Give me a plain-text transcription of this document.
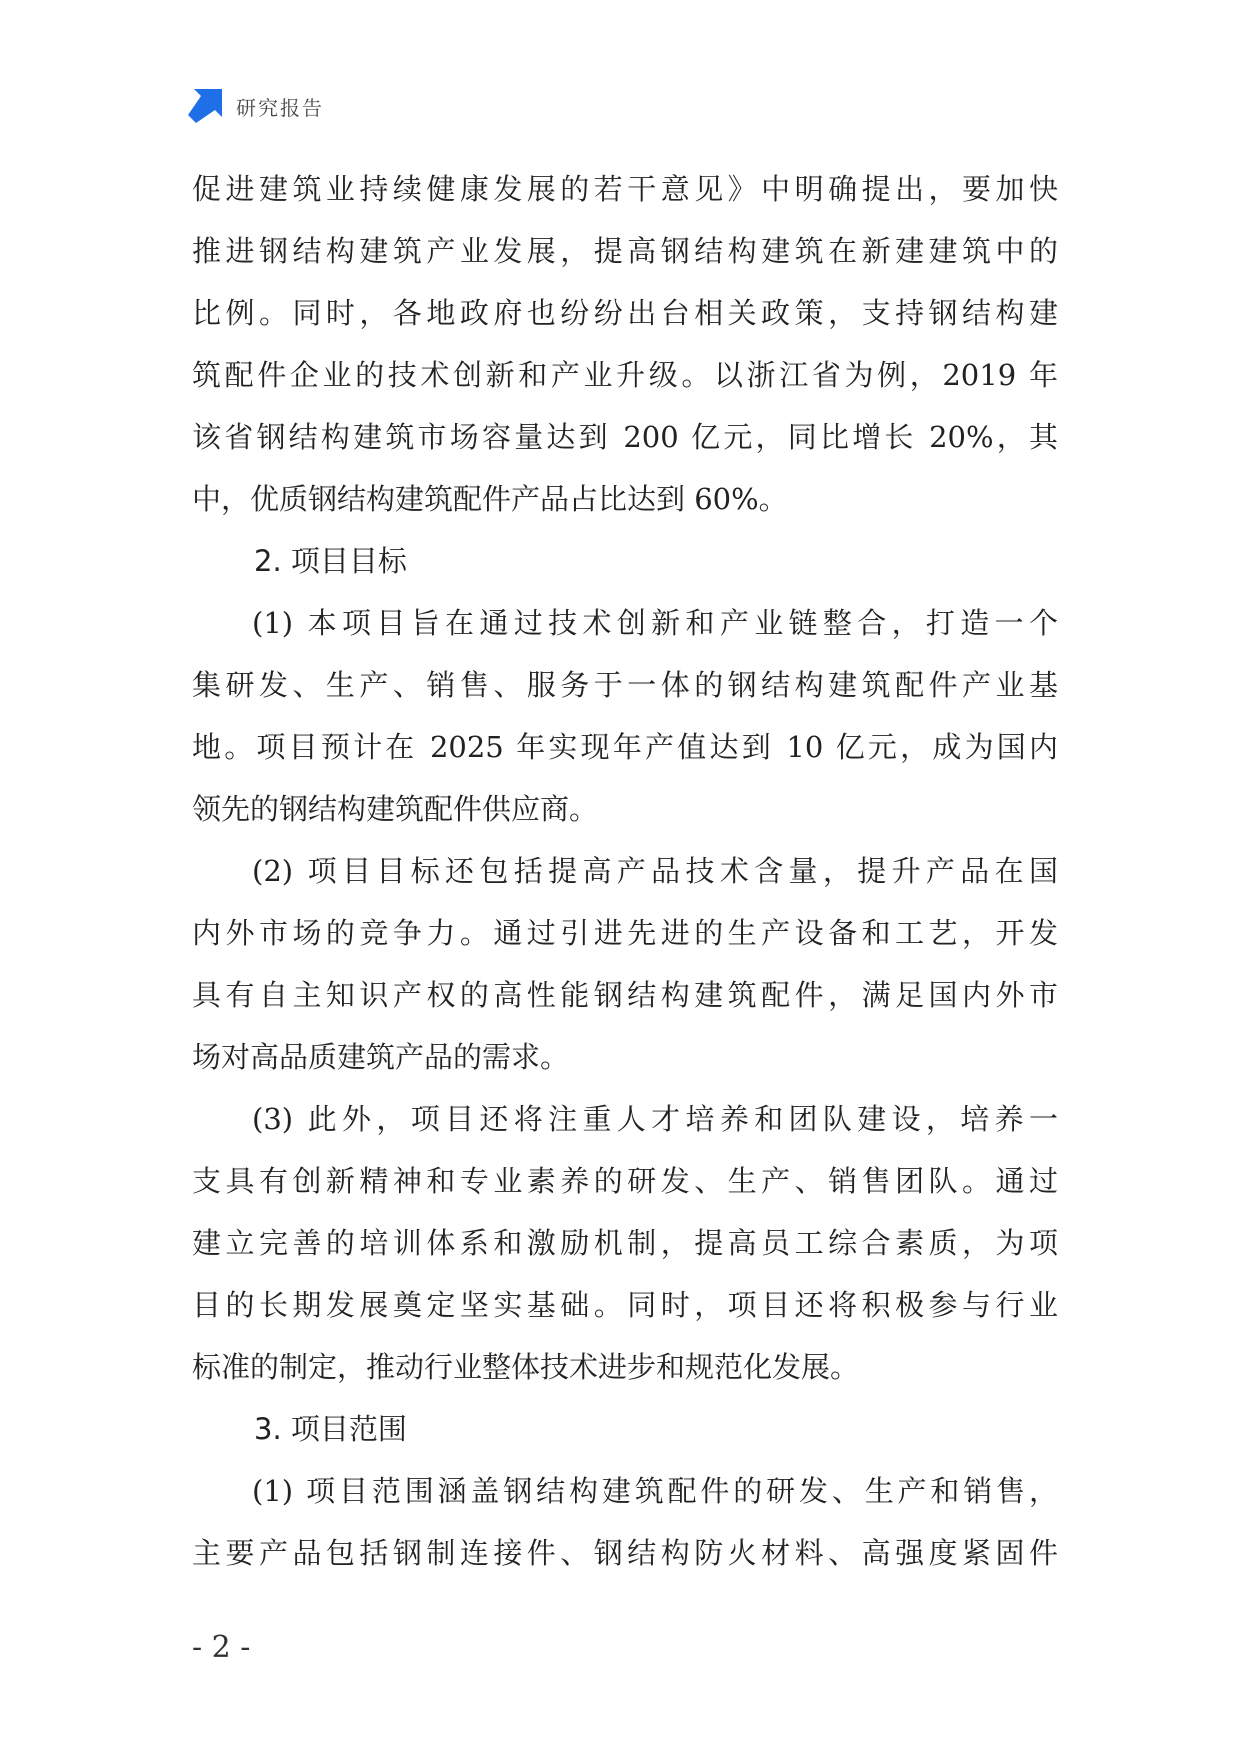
研究报告
促进建筑业持续健康发展的若干意见》中明确提出，要加快
推进钢结构建筑产业发展，提高钢结构建筑在新建建筑中的
比例。同时，各地政府也纷纷出台相关政策，支持钢结构建
筑配件企业的技术创新和产业升级。以浙江省为例，2019 年
该省钢结构建筑市场容量达到 200 亿元，同比增长 20%，其
中，优质钢结构建筑配件产品占比达到 60%。
2. 项目目标
(1) 本项目旨在通过技术创新和产业链整合，打造一个
集研发、生产、销售、服务于一体的钢结构建筑配件产业基
地。项目预计在 2025 年实现年产值达到 10 亿元，成为国内
领先的钢结构建筑配件供应商。
(2) 项目目标还包括提高产品技术含量，提升产品在国
内外市场的竞争力。通过引进先进的生产设备和工艺，开发
具有自主知识产权的高性能钢结构建筑配件，满足国内外市
场对高品质建筑产品的需求。
(3) 此外，项目还将注重人才培养和团队建设，培养一
支具有创新精神和专业素养的研发、生产、销售团队。通过
建立完善的培训体系和激励机制，提高员工综合素质，为项
目的长期发展奠定坚实基础。同时，项目还将积极参与行业
标准的制定，推动行业整体技术进步和规范化发展。
3. 项目范围
(1) 项目范围涵盖钢结构建筑配件的研发、生产和销售，
主要产品包括钢制连接件、钢结构防火材料、高强度紧固件
- 2 -
